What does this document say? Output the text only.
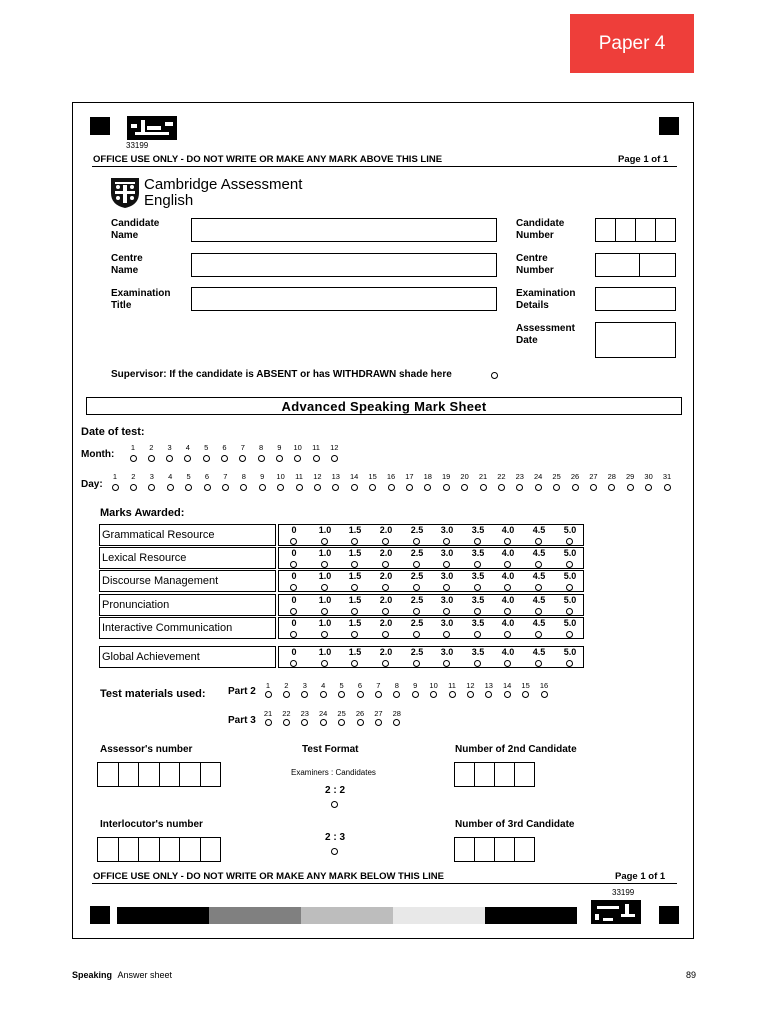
Paper 4
33199
OFFICE USE ONLY - DO NOT WRITE OR MAKE ANY MARK ABOVE THIS LINE	Page 1 of 1
Cambridge Assessment
English
Candidate
Name
Centre
Name
Examination
Title
Candidate
Number
Centre
Number
Examination
Details
Assessment
Date
Supervisor: If the candidate is ABSENT or has WITHDRAWN shade here
Advanced Speaking Mark Sheet
Date of test:
Month:
Day:
1	2	3	4	5	6	7	8	9	10	11	12
1	2	3	4	5	6	7	8	9	10	11	12	13	14	15	16	17	18	19	20	21	22	23	24	25	26	27	28	29	30	31
Marks Awarded:
Grammatical Resource	0	1.0	1.5	2.0	2.5	3.0	3.5	4.0	4.5	5.0
Lexical Resource	0	1.0	1.5	2.0	2.5	3.0	3.5	4.0	4.5	5.0
Discourse Management	0	1.0	1.5	2.0	2.5	3.0	3.5	4.0	4.5	5.0
Pronunciation	0	1.0	1.5	2.0	2.5	3.0	3.5	4.0	4.5	5.0
Interactive Communication	0	1.0	1.5	2.0	2.5	3.0	3.5	4.0	4.5	5.0
Global Achievement	0	1.0	1.5	2.0	2.5	3.0	3.5	4.0	4.5	5.0
Test materials used: Part 2
Part 3
1	2	3	4	5	6	7	8	9	10	11	12	13	14	15	16
21	22	23	24	25	26	27	28
Assessor's number
Interlocutor's number
Test Format
Examiners : Candidates
2 : 2
2 : 3
Number of 2nd Candidate
Number of 3rd Candidate
OFFICE USE ONLY - DO NOT WRITE OR MAKE ANY MARK BELOW THIS LINE	Page 1 of 1
33199
Speaking Answer sheet	89
